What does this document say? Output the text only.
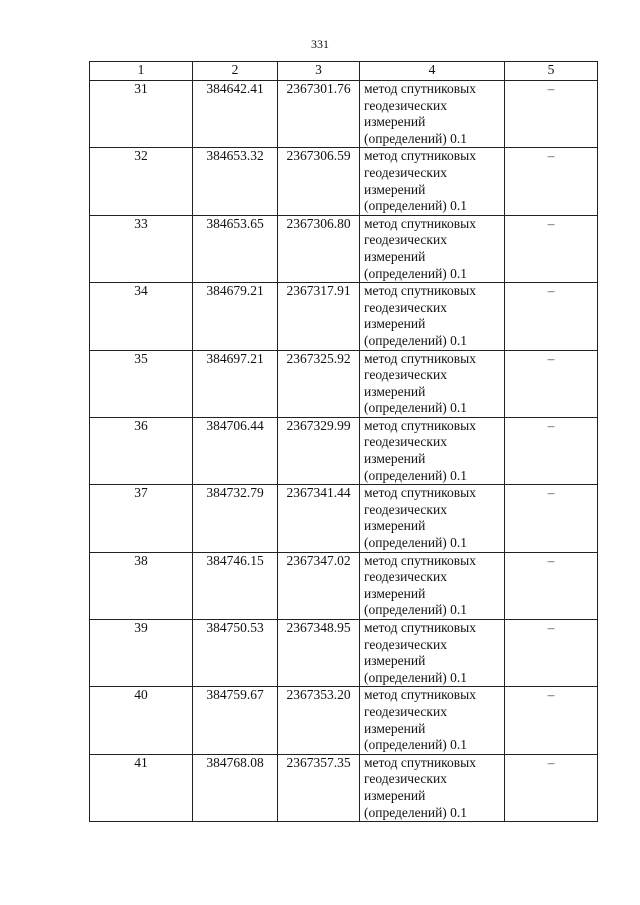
331
1	2	3	4	5
31	384642.41	2367301.76	метод спутниковых
геодезических
измерений
(определений) 0.1	–
32	384653.32	2367306.59	метод спутниковых
геодезических
измерений
(определений) 0.1	–
33	384653.65	2367306.80	метод спутниковых
геодезических
измерений
(определений) 0.1	–
34	384679.21	2367317.91	метод спутниковых
геодезических
измерений
(определений) 0.1	–
35	384697.21	2367325.92	метод спутниковых
геодезических
измерений
(определений) 0.1	–
36	384706.44	2367329.99	метод спутниковых
геодезических
измерений
(определений) 0.1	–
37	384732.79	2367341.44	метод спутниковых
геодезических
измерений
(определений) 0.1	–
38	384746.15	2367347.02	метод спутниковых
геодезических
измерений
(определений) 0.1	–
39	384750.53	2367348.95	метод спутниковых
геодезических
измерений
(определений) 0.1	–
40	384759.67	2367353.20	метод спутниковых
геодезических
измерений
(определений) 0.1	–
41	384768.08	2367357.35	метод спутниковых
геодезических
измерений
(определений) 0.1	–
